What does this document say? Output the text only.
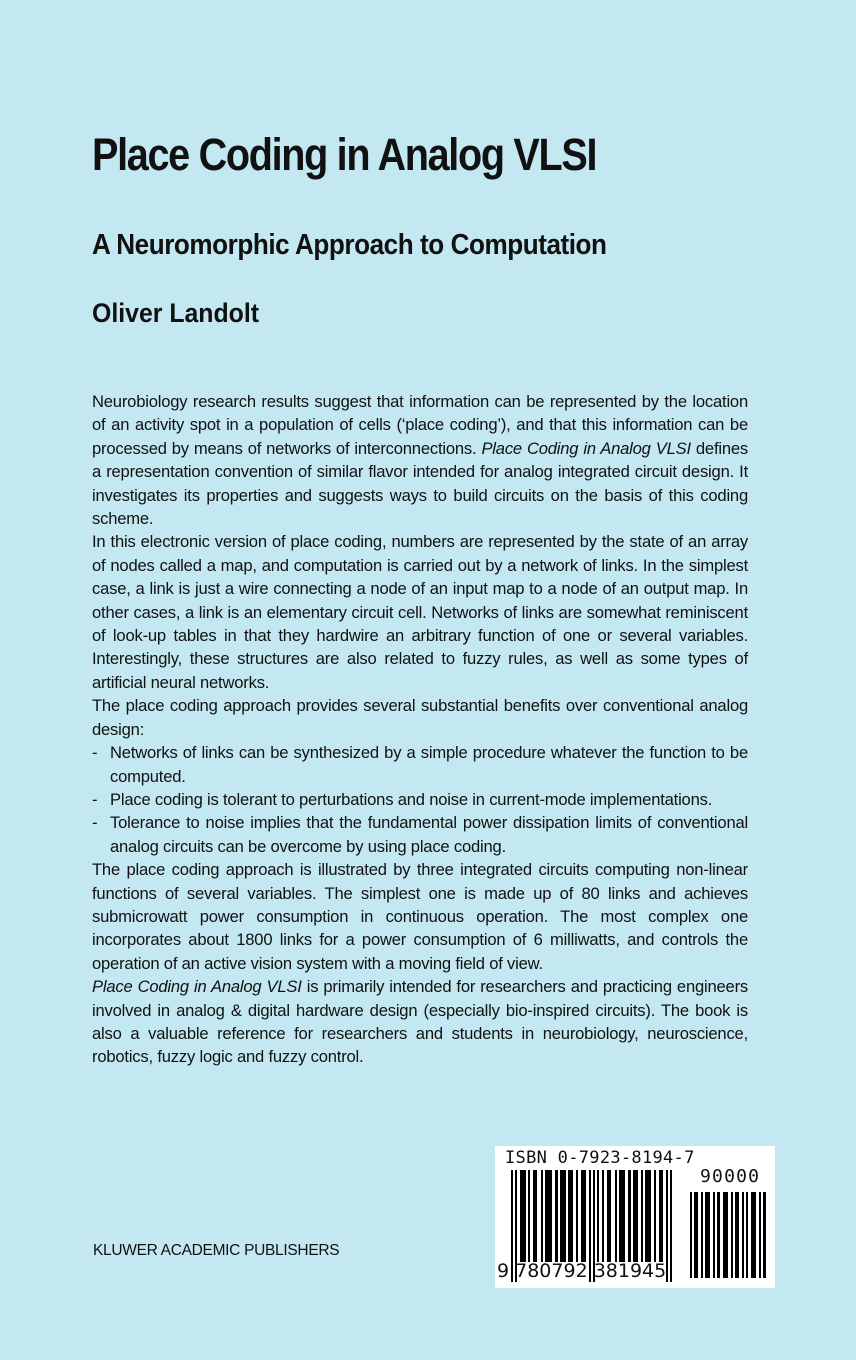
Place Coding in Analog VLSI
A Neuromorphic Approach to Computation
Oliver Landolt

Neurobiology research results suggest that information can be represented by the location of an activity spot in a population of cells (‘place coding’), and that this information can be processed by means of networks of interconnections. Place Coding in Analog VLSI defines a representation convention of similar flavor intended for analog integrated circuit design. It investigates its properties and suggests ways to build circuits on the basis of this coding scheme.

In this electronic version of place coding, numbers are represented by the state of an array of nodes called a map, and computation is carried out by a network of links. In the simplest case, a link is just a wire connecting a node of an input map to a node of an output map. In other cases, a link is an elementary circuit cell. Networks of links are somewhat reminiscent of look-up tables in that they hardwire an arbitrary function of one or several variables. Interestingly, these structures are also related to fuzzy rules, as well as some types of artificial neural networks.

The place coding approach provides several substantial benefits over conventional analog design:

- Networks of links can be synthesized by a simple procedure whatever the function to be computed.
- Place coding is tolerant to perturbations and noise in current-mode implementations.
- Tolerance to noise implies that the fundamental power dissipation limits of conventional analog circuits can be overcome by using place coding.

The place coding approach is illustrated by three integrated circuits computing non-linear functions of several variables. The simplest one is made up of 80 links and achieves submicrowatt power consumption in continuous operation. The most complex one incorporates about 1800 links for a power consumption of 6 milliwatts, and controls the operation of an active vision system with a moving field of view.

Place Coding in Analog VLSI is primarily intended for researchers and practicing engineers involved in analog & digital hardware design (especially bio-inspired circuits). The book is also a valuable reference for researchers and students in neurobiology, neuroscience, robotics, fuzzy logic and fuzzy control.

KLUWER ACADEMIC PUBLISHERS
ISBN 0-7923-8194-7
90000
9 780792 381945
